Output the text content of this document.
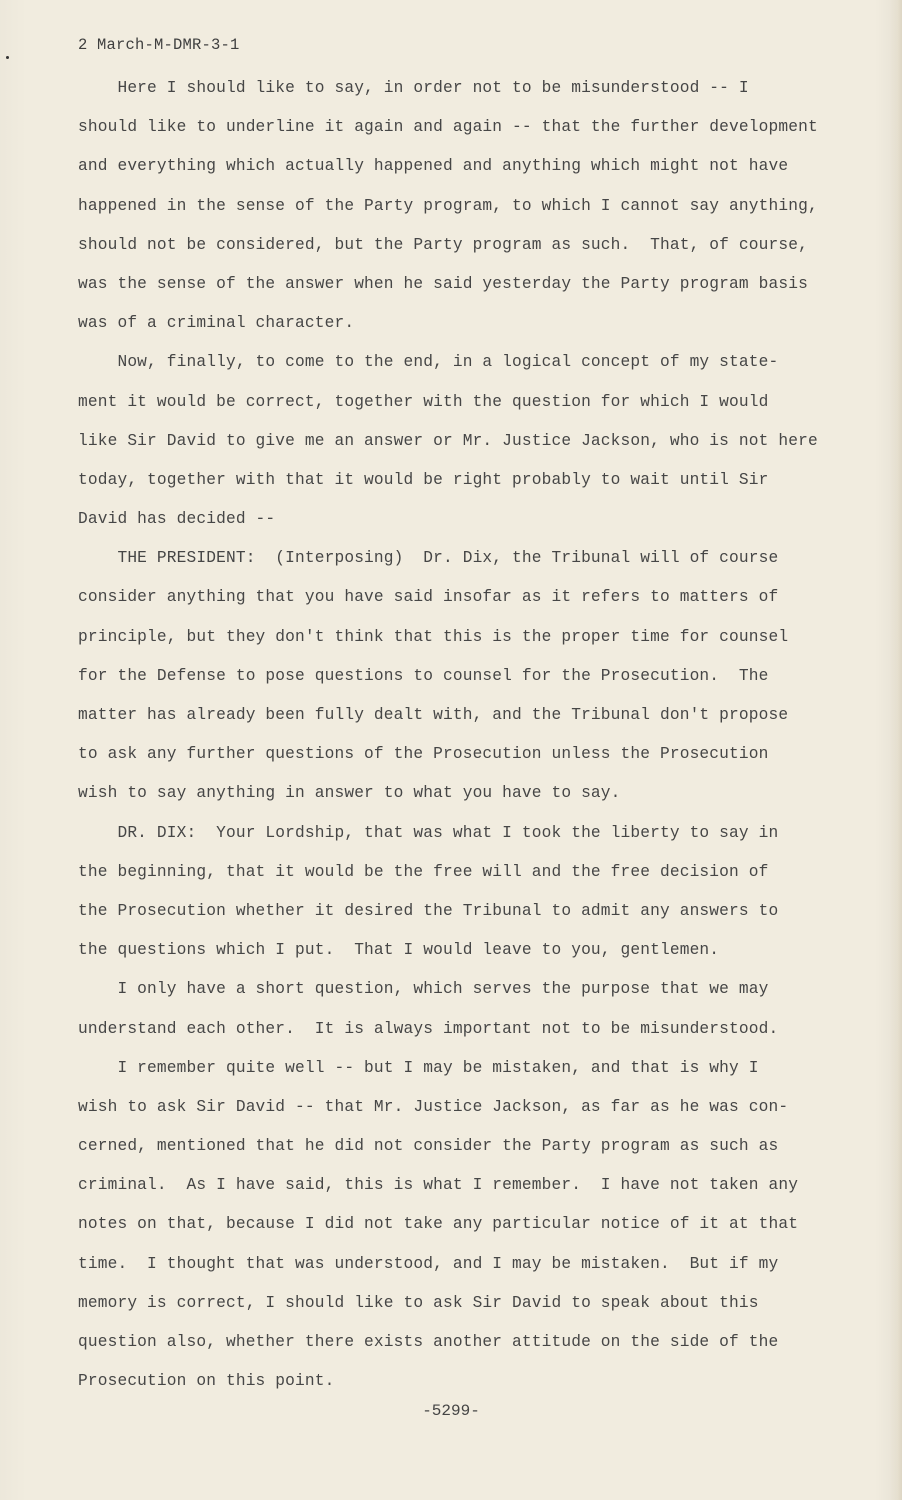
2 March-M-DMR-3-1
Here I should like to say, in order not to be misunderstood -- I
should like to underline it again and again -- that the further development
and everything which actually happened and anything which might not have
happened in the sense of the Party program, to which I cannot say anything,
should not be considered, but the Party program as such.  That, of course,
was the sense of the answer when he said yesterday the Party program basis
was of a criminal character.
Now, finally, to come to the end, in a logical concept of my state-
ment it would be correct, together with the question for which I would
like Sir David to give me an answer or Mr. Justice Jackson, who is not here
today, together with that it would be right probably to wait until Sir
David has decided --
THE PRESIDENT:  (Interposing)  Dr. Dix, the Tribunal will of course
consider anything that you have said insofar as it refers to matters of
principle, but they don't think that this is the proper time for counsel
for the Defense to pose questions to counsel for the Prosecution.  The
matter has already been fully dealt with, and the Tribunal don't propose
to ask any further questions of the Prosecution unless the Prosecution
wish to say anything in answer to what you have to say.
DR. DIX:  Your Lordship, that was what I took the liberty to say in
the beginning, that it would be the free will and the free decision of
the Prosecution whether it desired the Tribunal to admit any answers to
the questions which I put.  That I would leave to you, gentlemen.
I only have a short question, which serves the purpose that we may
understand each other.  It is always important not to be misunderstood.
I remember quite well -- but I may be mistaken, and that is why I
wish to ask Sir David -- that Mr. Justice Jackson, as far as he was con-
cerned, mentioned that he did not consider the Party program as such as
criminal.  As I have said, this is what I remember.  I have not taken any
notes on that, because I did not take any particular notice of it at that
time.  I thought that was understood, and I may be mistaken.  But if my
memory is correct, I should like to ask Sir David to speak about this
question also, whether there exists another attitude on the side of the
Prosecution on this point.
-5299-
